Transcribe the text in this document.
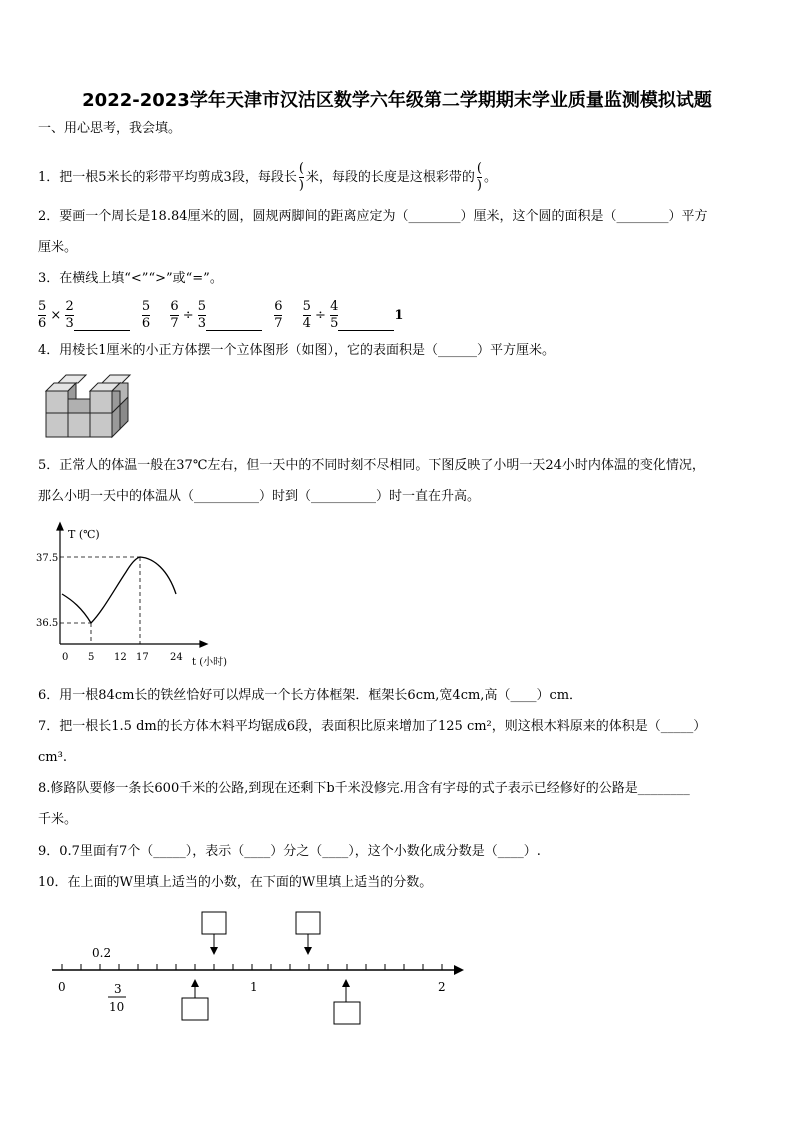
2022-2023学年天津市汉沽区数学六年级第二学期期末学业质量监测模拟试题
一、用心思考，我会填。
1．把一根5米长的彩带平均剪成3段，每段长 $\frac{(}{)}$ 米，每段的长度是这根彩带的 $\frac{(}{)}$ 。
2．要画一个周长是18.84厘米的圆，圆规两脚间的距离应定为（________）厘米，这个圆的面积是（________）平方
厘米。
3．在横线上填“<”“>”或“=”。
$\frac{5}{6} \times \frac{2}{3}$
	$\frac{5}{6}$
$\frac{6}{7} \div \frac{5}{3}$
	$\frac{6}{7}$
$\frac{5}{4} \div \frac{4}{5}$	1
4．用棱长1厘米的小正方体摆一个立体图形（如图），它的表面积是（______）平方厘米。
5．正常人的体温一般在37℃左右，但一天中的不同时刻不尽相同。下图反映了小明一天24小时内体温的变化情况，
那么小明一天中的体温从（__________）时到（__________）时一直在升高。
T (℃)
37.5
36.5
0 5 12 17 24 t (小时)
6．用一根84cm长的铁丝恰好可以焊成一个长方体框架．框架长6cm,宽4cm,高（____）cm．
7．把一根长1.5 dm的长方体木料平均锯成6段，表面积比原来增加了125 cm²，则这根木料原来的体积是（_____）
cm³.
8.修路队要修一条长600千米的公路,到现在还剩下b千米没修完.用含有字母的式子表示已经修好的公路是________
千米。
9．0.7里面有7个（_____），表示（____）分之（____），这个小数化成分数是（____）.
10．在上面的W里填上适当的小数，在下面的W里填上适当的分数。
0.2
0	1	2
3
10
